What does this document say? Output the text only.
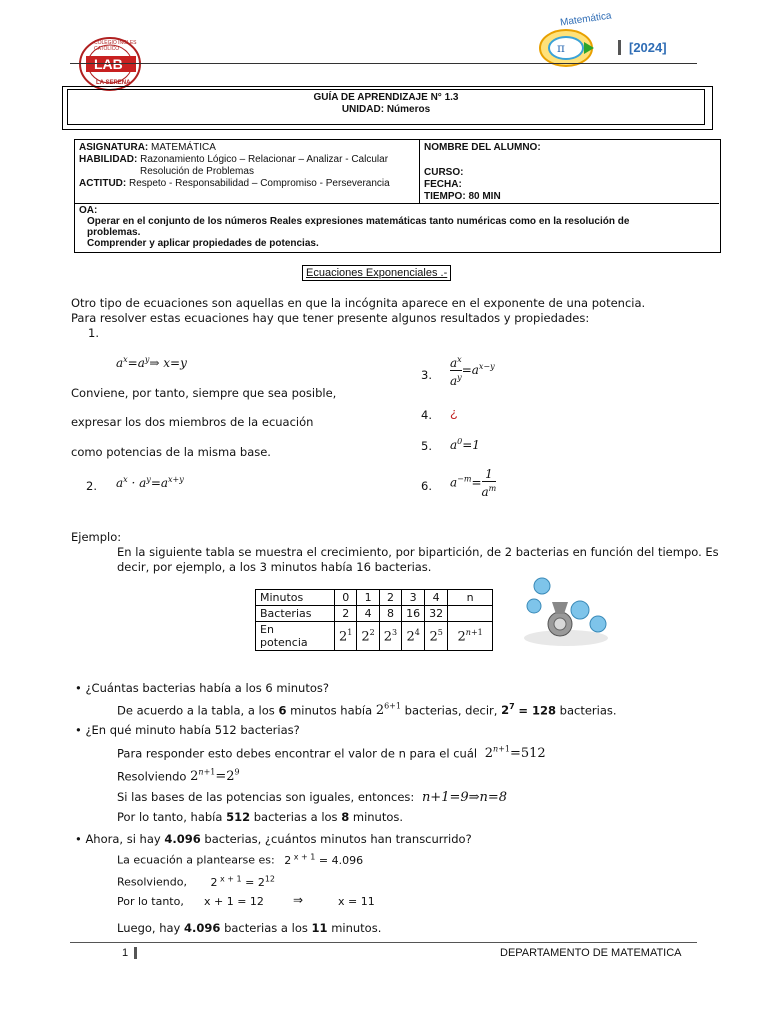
LAB
COLEGIO INGLES CATOLICO
LA SERENA
π
Matemática
[2024]
GUÍA DE APRENDIZAJE N° 1.3
UNIDAD: Números
ASIGNATURA: MATEMÁTICA
HABILIDAD: Razonamiento Lógico – Relacionar – Analizar - Calcular
Resolución de Problemas
ACTITUD: Respeto - Responsabilidad – Compromiso - Perseverancia
NOMBRE DEL ALUMNO:
CURSO:
FECHA:
TIEMPO: 80 MIN
OA:
Operar en el conjunto de los números Reales expresiones matemáticas tanto numéricas como en la resolución de
problemas.
Comprender y aplicar propiedades de potencias.
Ecuaciones Exponenciales .-

Otro tipo de ecuaciones son aquellas en que la incógnita aparece en el exponente de una potencia.

Para resolver estas ecuaciones hay que tener presente algunos resultados y propiedades:

1.

$a^x=a^y\Rightarrow$ x=y

Conviene, por tanto, siempre que sea posible,

expresar los dos miembros de la ecuación

como potencias de la misma base.

2. $a^x \cdot a^y=a^{x+y}$

3. $\frac{a^x}{a^y} =a^{x-y}$

4. ¿

5. $a^0=1$

6. $a^{-m}= \frac{1}{a^m}$

Ejemplo:

En la siguiente tabla se muestra el crecimiento, por bipartición, de 2 bacterias en función del tiempo. Es

decir, por ejemplo, a los 3 minutos había 16 bacterias.

Minutos	0	1	2	3	4	n
Bacterias	2	4	8	16	32	

En
potencia	$2^1$	$2^2$	$2^3$	$2^4$	$2^5$	$2^{n+1}$

• ¿Cuántas bacterias había a los 6 minutos?

De acuerdo a la tabla, a los 6 minutos había $2^{6+1}$ bacterias, decir, $2^7 = 128$ bacterias.

• ¿En qué minuto había 512 bacterias?

Para responder esto debes encontrar el valor de n para el cuál $2^{n+1}=512$

Resolviendo $2^{n+1}=2^9$

Si las bases de las potencias son iguales, entonces: n+1=9⇒n=8

Por lo tanto, había 512 bacterias a los 8 minutos.

• Ahora, si hay 4.096 bacterias, ¿cuántos minutos han transcurrido?

La ecuación a plantearse es: 2 $^{x + 1}$ = 4.096

Resolviendo, 2 $^{x + 1} = 2^{12}$

Por lo tanto, x + 1 = 12 ⇒	x = 11

Luego, hay 4.096 bacterias a los 11 minutos.

1	DEPARTAMENTO DE MATEMATICA
